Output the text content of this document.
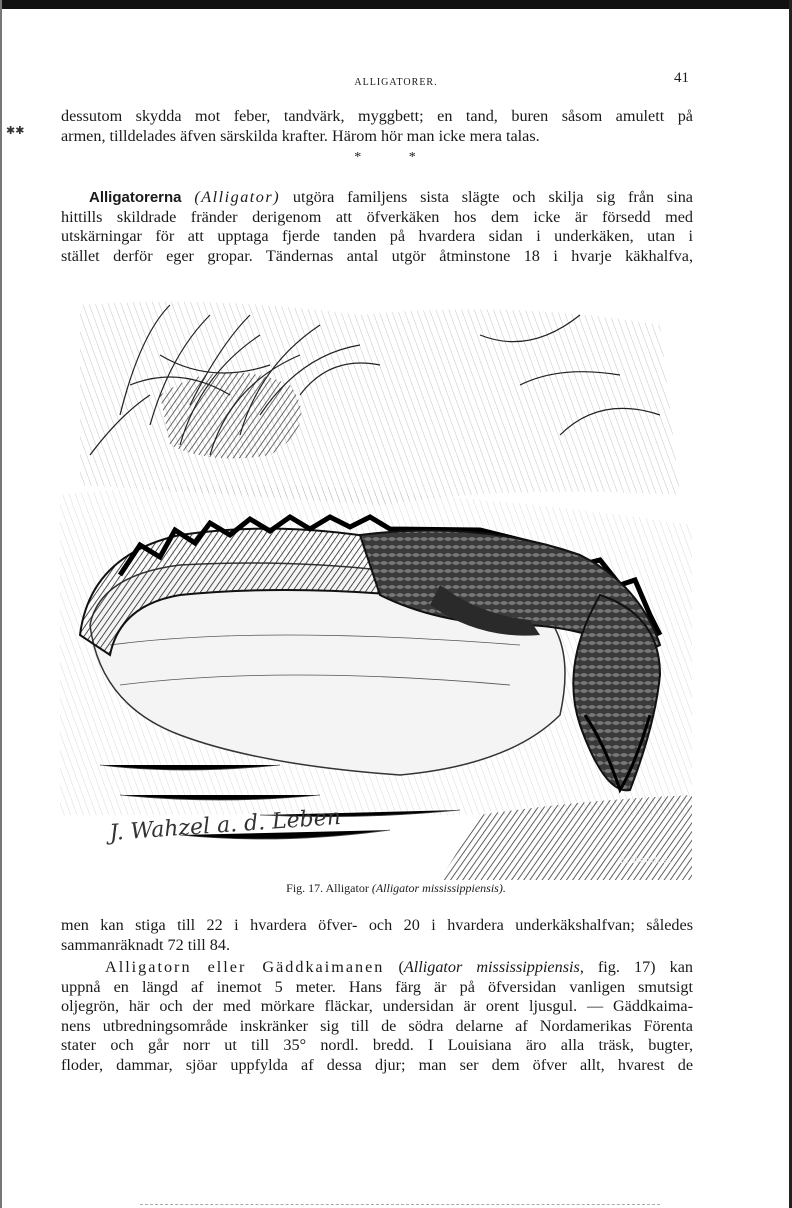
✱✱
ALLIGATORER.	41

dessutom skydda mot feber, tandvärk, myggbett; en tand, buren såsom amulett på
armen, tilldelades äfven särskilda krafter. Härom hör man icke mera talas.

* *

Alligatorerna (Alligator) utgöra familjens sista slägte och skilja sig från sina
hittills skildrade fränder derigenom att öfverkäken hos dem icke är försedd med
utskärningar för att upptaga fjerde tanden på hvardera sidan i underkäken, utan i
stället derför eger gropar. Tändernas antal utgör åtminstone 18 i hvarje käkhalfva,

J. Wahzel a. d. Leben
E. Wendt sc.
Fig. 17. Alligator (Alligator mississippiensis).

men kan stiga till 22 i hvardera öfver- och 20 i hvardera underkäkshalfvan; således
sammanräknadt 72 till 84.

Alligatorn eller Gäddkaimanen (Alligator mississippiensis, fig. 17) kan
uppnå en längd af inemot 5 meter. Hans färg är på öfversidan vanligen smutsigt
oljegrön, här och der med mörkare fläckar, undersidan är orent ljusgul. — Gäddkaima-
nens utbredningsområde inskränker sig till de södra delarne af Nordamerikas Förenta
stater och går norr ut till 35° nordl. bredd. I Louisiana äro alla träsk, bugter,
floder, dammar, sjöar uppfylda af dessa djur; man ser dem öfver allt, hvarest de
